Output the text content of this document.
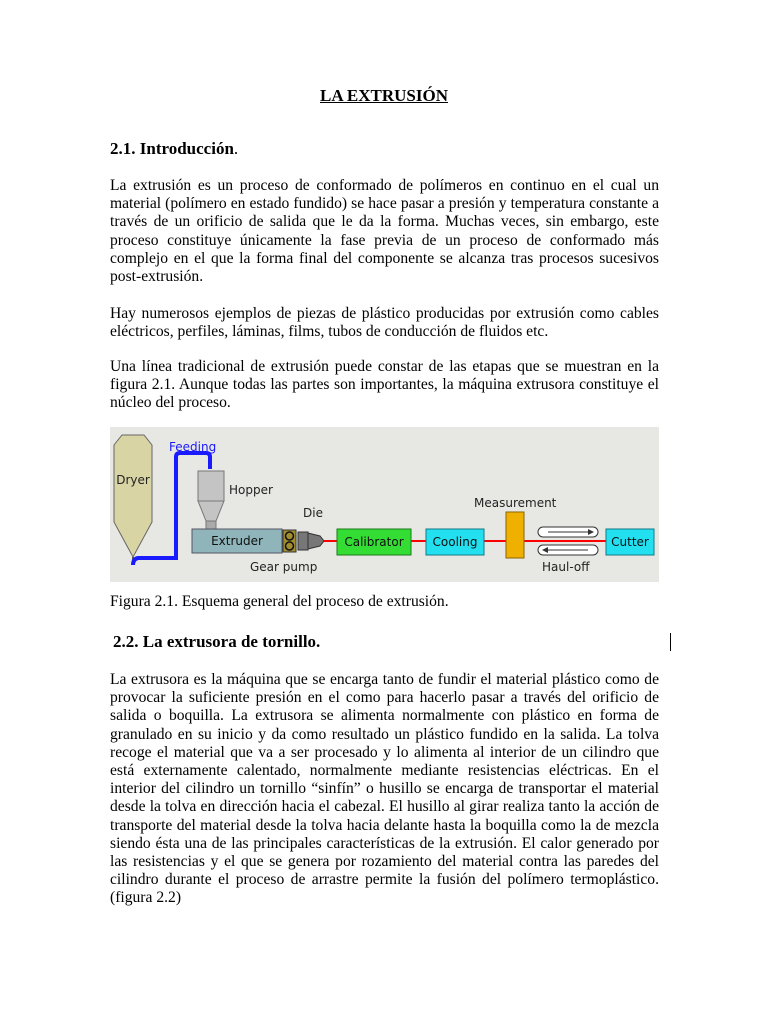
LA EXTRUSIÓN
2.1. Introducción.
La extrusión es un proceso de conformado de polímeros en continuo en el cual un material (polímero en estado fundido) se hace pasar a presión y temperatura constante a través de un orificio de salida que le da la forma. Muchas veces, sin embargo, este proceso constituye únicamente la fase previa de un proceso de conformado más complejo en el que la forma final del componente se alcanza tras procesos sucesivos post-extrusión.
Hay numerosos ejemplos de piezas de plástico producidas por extrusión como cables eléctricos, perfiles, láminas, films, tubos de conducción de fluidos etc.
Una línea tradicional de extrusión puede constar de las etapas que se muestran en la figura 2.1. Aunque todas las partes son importantes, la máquina extrusora constituye el núcleo del proceso.
Dryer
Feeding
Hopper
Extruder
Gear pump
Die
Calibrator Cooling
Measurement
Haul-off
Cutter
Figura 2.1. Esquema general del proceso de extrusión.
2.2. La extrusora de tornillo.
La extrusora es la máquina que se encarga tanto de fundir el material plástico como de provocar la suficiente presión en el como para hacerlo pasar a través del orificio de salida o boquilla. La extrusora se alimenta normalmente con plástico en forma de granulado en su inicio y da como resultado un plástico fundido en la salida. La tolva recoge el material que va a ser procesado y lo alimenta al interior de un cilindro que está externamente calentado, normalmente mediante resistencias eléctricas. En el interior del cilindro un tornillo “sinfín” o husillo se encarga de transportar el material desde la tolva en dirección hacia el cabezal. El husillo al girar realiza tanto la acción de transporte del material desde la tolva hacia delante hasta la boquilla como la de mezcla siendo ésta una de las principales características de la extrusión. El calor generado por las resistencias y el que se genera por rozamiento del material contra las paredes del cilindro durante el proceso de arrastre permite la fusión del polímero termoplástico. (figura 2.2)
